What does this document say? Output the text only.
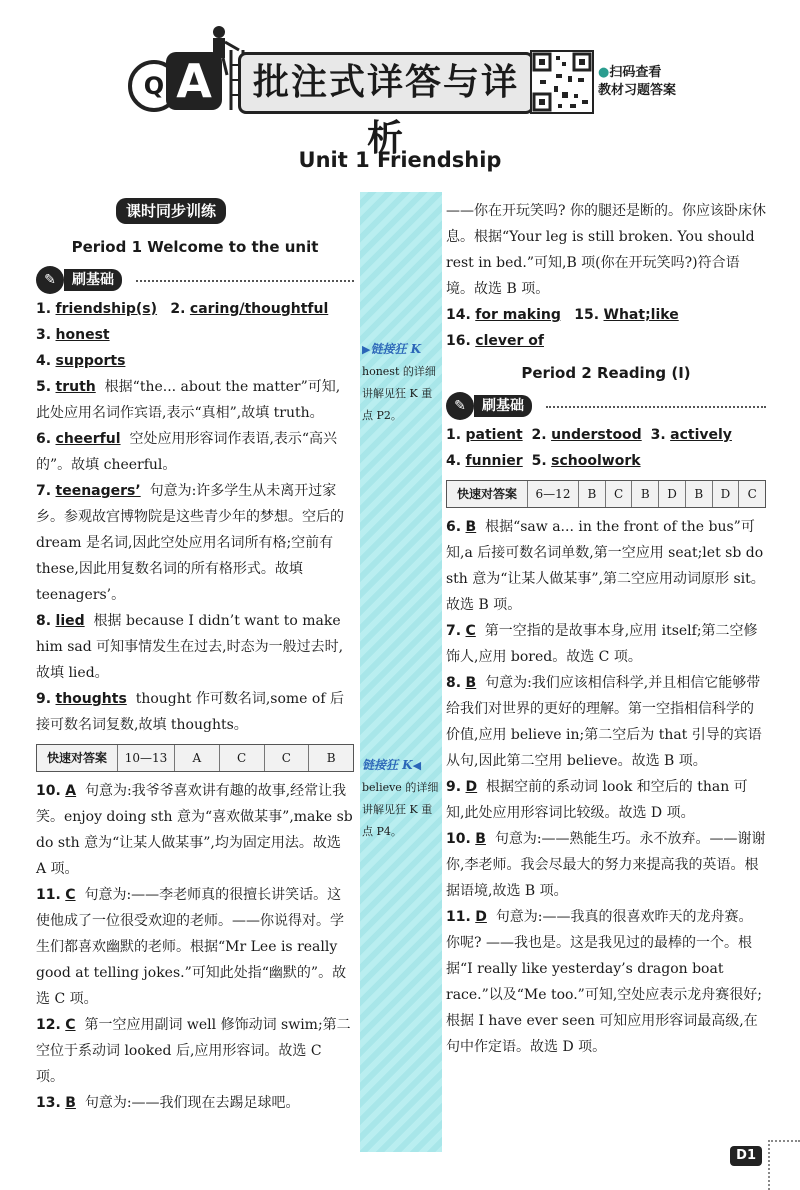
Q A	批注式详答与详析
●扫码查看
教材习题答案
Unit 1 Friendship
▶链接狂 K
honest 的详细讲解见狂 K 重点 P2。
链接狂 K◀
believe 的详细讲解见狂 K 重点 P4。
课时同步训练
Period 1 Welcome to the unit
✎	刷基础

1. friendship(s) 2. caring/thoughtful

3. honest

4. supports

5. truth 根据“the... about the matter”可知,此处应用名词作宾语,表示“真相”,故填 truth。

6. cheerful 空处应用形容词作表语,表示“高兴的”。故填 cheerful。

7. teenagers’ 句意为:许多学生从未离开过家乡。参观故宫博物院是这些青少年的梦想。空后的 dream 是名词,因此空处应用名词所有格;空前有 these,因此用复数名词的所有格形式。故填 teenagers’。

8. lied 根据 because I didn’t want to make him sad 可知事情发生在过去,时态为一般过去时,故填 lied。

9. thoughts thought 作可数名词,some of 后接可数名词复数,故填 thoughts。

快速对答案	10—13	A	C	C	B

10. A 句意为:我爷爷喜欢讲有趣的故事,经常让我笑。enjoy doing sth 意为“喜欢做某事”,make sb do sth 意为“让某人做某事”,均为固定用法。故选 A 项。

11. C 句意为:——李老师真的很擅长讲笑话。这使他成了一位很受欢迎的老师。——你说得对。学生们都喜欢幽默的老师。根据“Mr Lee is really good at telling jokes.”可知此处指“幽默的”。故选 C 项。

12. C 第一空应用副词 well 修饰动词 swim;第二空位于系动词 looked 后,应用形容词。故选 C 项。

13. B 句意为:——我们现在去踢足球吧。

——你在开玩笑吗? 你的腿还是断的。你应该卧床休息。根据“Your leg is still broken. You should rest in bed.”可知,B 项(你在开玩笑吗?)符合语境。故选 B 项。

14. for making 15. What;like

16. clever of

Period 2 Reading (Ⅰ)
✎	刷基础

1. patient 2. understood 3. actively

4. funnier 5. schoolwork

快速对答案	6—12	B	C	B	D	B	D	C

6. B 根据“saw a... in the front of the bus”可知,a 后接可数名词单数,第一空应用 seat;let sb do sth 意为“让某人做某事”,第二空应用动词原形 sit。故选 B 项。

7. C 第一空指的是故事本身,应用 itself;第二空修饰人,应用 bored。故选 C 项。

8. B 句意为:我们应该相信科学,并且相信它能够带给我们对世界的更好的理解。第一空指相信科学的价值,应用 believe in;第二空后为 that 引导的宾语从句,因此第二空用 believe。故选 B 项。

9. D 根据空前的系动词 look 和空后的 than 可知,此处应用形容词比较级。故选 D 项。

10. B 句意为:——熟能生巧。永不放弃。——谢谢你,李老师。我会尽最大的努力来提高我的英语。根据语境,故选 B 项。

11. D 句意为:——我真的很喜欢昨天的龙舟赛。你呢? ——我也是。这是我见过的最棒的一个。根据“I really like yesterday’s dragon boat race.”以及“Me too.”可知,空处应表示龙舟赛很好;根据 I have ever seen 可知应用形容词最高级,在句中作定语。故选 D 项。

D1
